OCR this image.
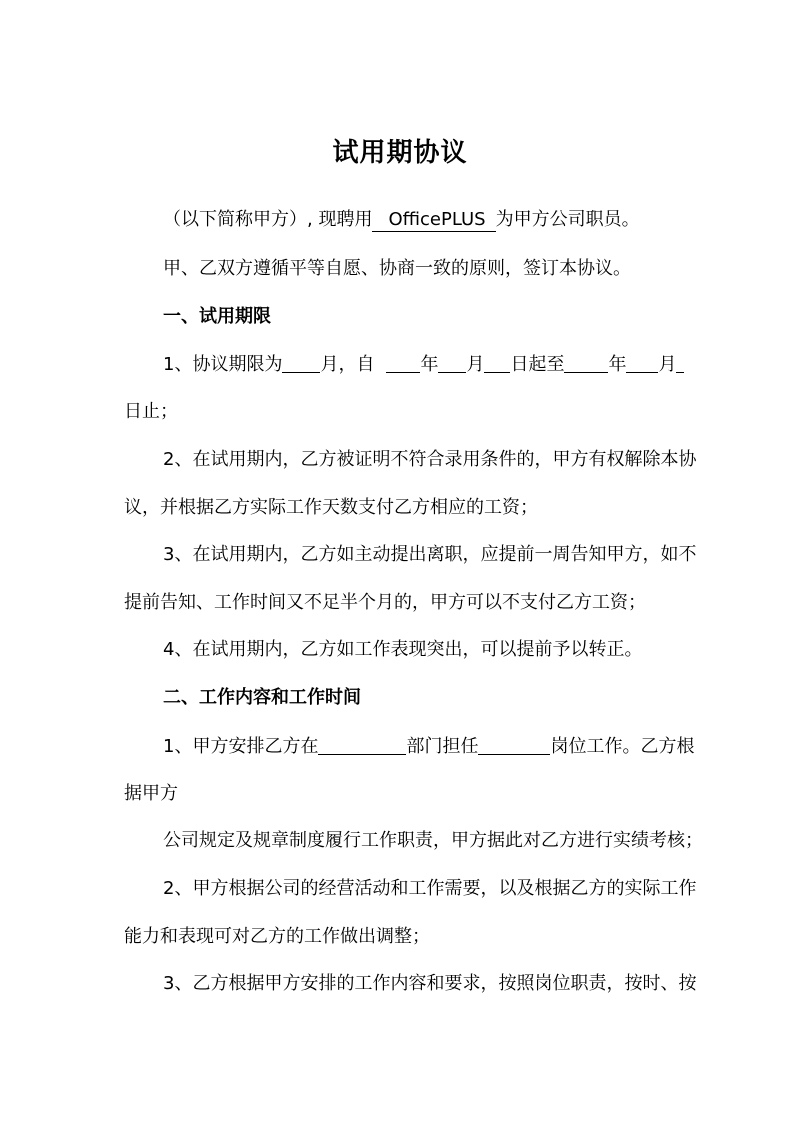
试用期协议
（以下简称甲方）, 现聘用 OfficePLUS 为甲方公司职员。
甲、乙双方遵循平等自愿、协商一致的原则，签订本协议。
一、试用期限
1、协议期限为 月，自	年 月 日起至 年 月
日止；
2、在试用期内，乙方被证明不符合录用条件的，甲方有权解除本协
议，并根据乙方实际工作天数支付乙方相应的工资；
3、在试用期内，乙方如主动提出离职，应提前一周告知甲方，如不
提前告知、工作时间又不足半个月的，甲方可以不支付乙方工资；
4、在试用期内，乙方如工作表现突出，可以提前予以转正。
二、工作内容和工作时间
1、甲方安排乙方在	部门担任	岗位工作。乙方根
据甲方
公司规定及规章制度履行工作职责，甲方据此对乙方进行实绩考核；
2、甲方根据公司的经营活动和工作需要，以及根据乙方的实际工作
能力和表现可对乙方的工作做出调整；
3、乙方根据甲方安排的工作内容和要求，按照岗位职责，按时、按
